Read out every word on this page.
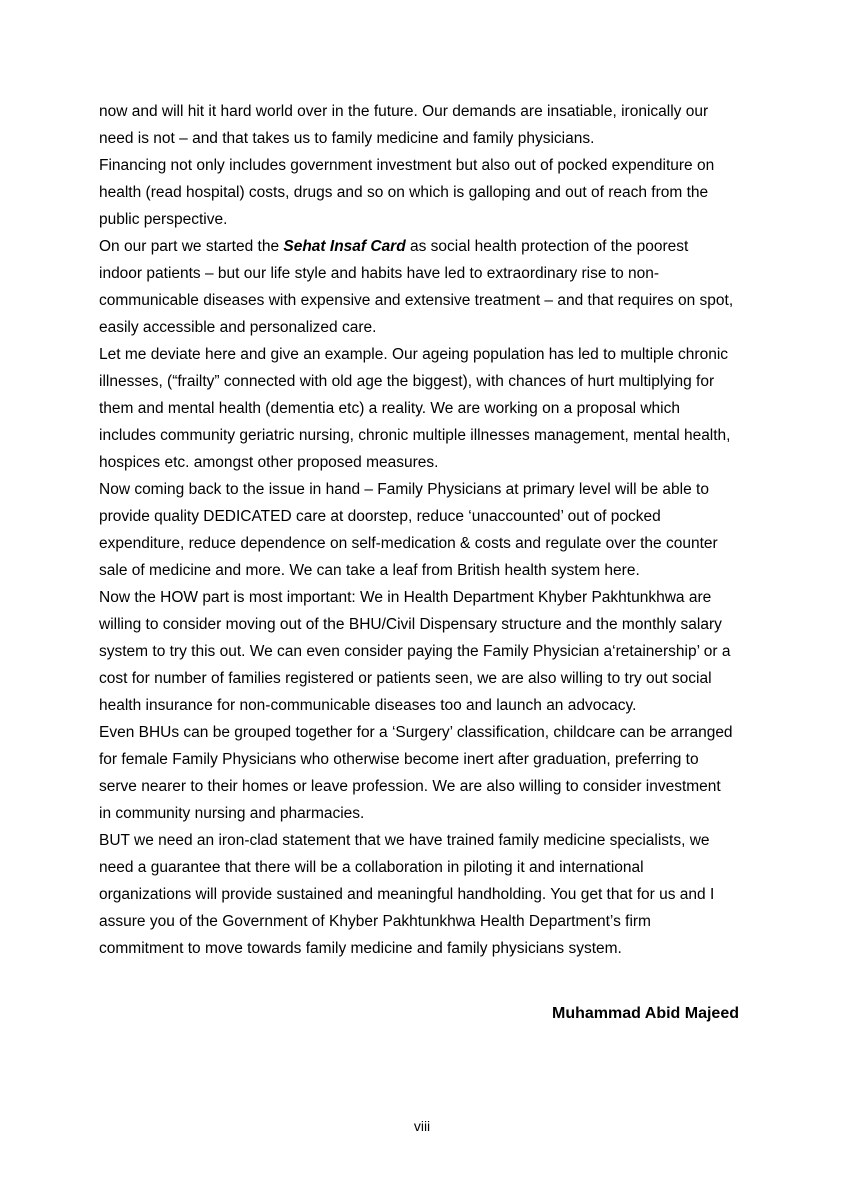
now and will hit it hard world over in the future. Our demands are insatiable, ironically our
need is not – and that takes us to family medicine and family physicians.
Financing not only includes government investment but also out of pocked expenditure on
health (read hospital) costs, drugs and so on which is galloping and out of reach from the
public perspective.
On our part we started the Sehat Insaf Card as social health protection of the poorest
indoor patients – but our life style and habits have led to extraordinary rise to non-
communicable diseases with expensive and extensive treatment – and that requires on spot,
easily accessible and personalized care.
Let me deviate here and give an example. Our ageing population has led to multiple chronic
illnesses, (“frailty” connected with old age the biggest), with chances of hurt multiplying for
them and mental health (dementia etc) a reality. We are working on a proposal which
includes community geriatric nursing, chronic multiple illnesses management, mental health,
hospices etc. amongst other proposed measures.
Now coming back to the issue in hand – Family Physicians at primary level will be able to
provide quality DEDICATED care at doorstep, reduce ‘unaccounted’ out of pocked
expenditure, reduce dependence on self-medication & costs and regulate over the counter
sale of medicine and more. We can take a leaf from British health system here.
Now the HOW part is most important: We in Health Department Khyber Pakhtunkhwa are
willing to consider moving out of the BHU/Civil Dispensary structure and the monthly salary
system to try this out. We can even consider paying the Family Physician a‘retainership’ or a
cost for number of families registered or patients seen, we are also willing to try out social
health insurance for non-communicable diseases too and launch an advocacy.
Even BHUs can be grouped together for a ‘Surgery’ classification, childcare can be arranged
for female Family Physicians who otherwise become inert after graduation, preferring to
serve nearer to their homes or leave profession. We are also willing to consider investment
in community nursing and pharmacies.
BUT we need an iron-clad statement that we have trained family medicine specialists, we
need a guarantee that there will be a collaboration in piloting it and international
organizations will provide sustained and meaningful handholding. You get that for us and I
assure you of the Government of Khyber Pakhtunkhwa Health Department’s firm
commitment to move towards family medicine and family physicians system.
Muhammad Abid Majeed
viii
